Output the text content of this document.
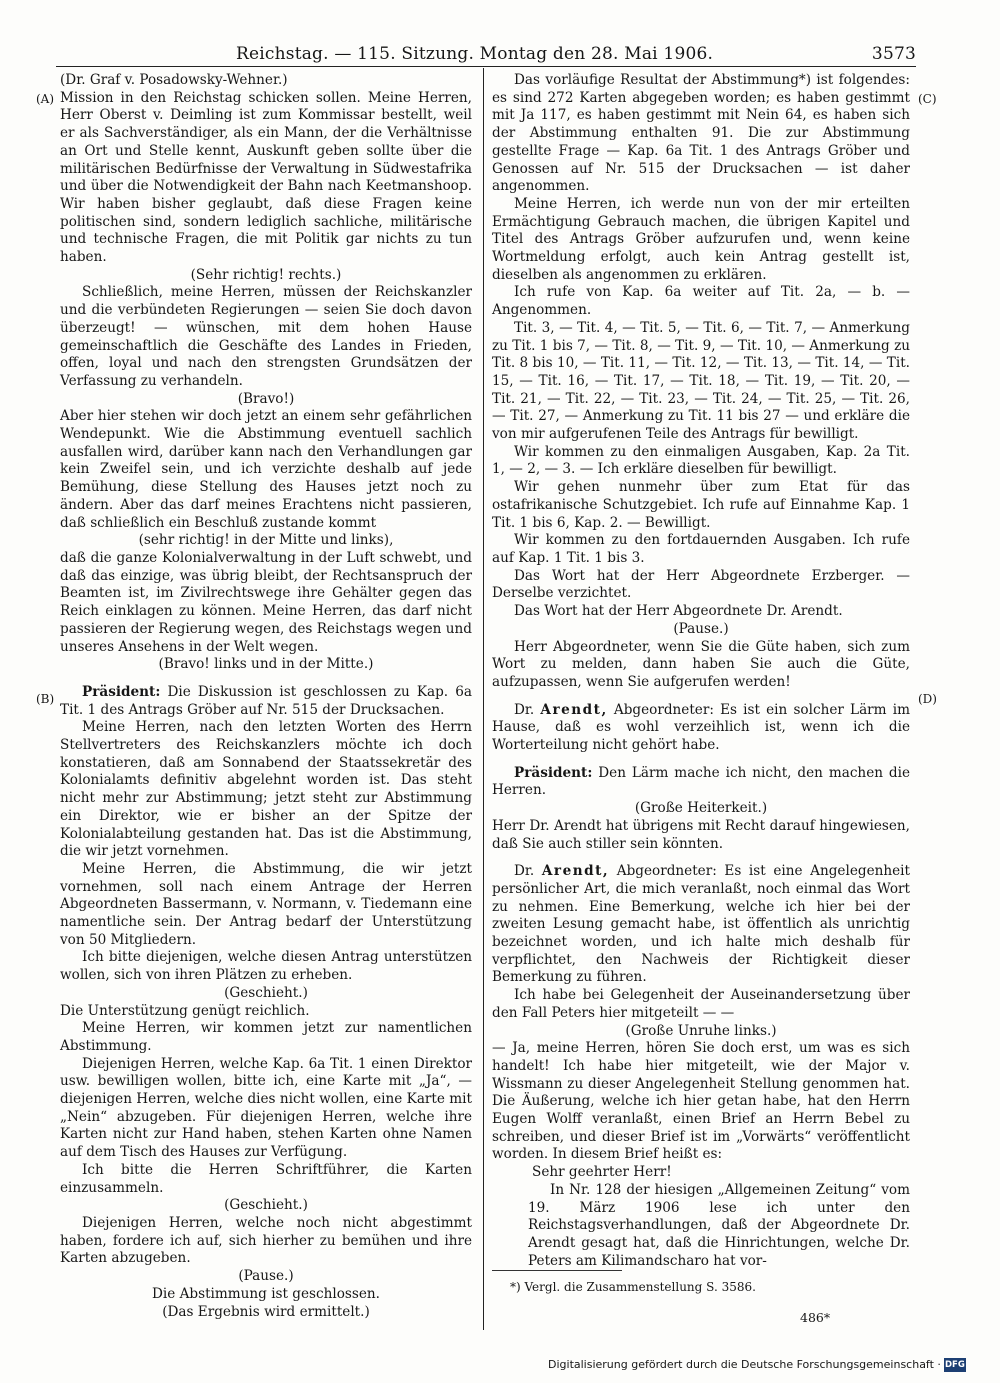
Reichstag. — 115. Sitzung. Montag den 28. Mai 1906.	3573
(A)
(B)
(C)
(D)

(Dr. Graf v. Posadowsky-Wehner.)

Mission in den Reichstag schicken sollen. Meine Herren, Herr Oberst v. Deimling ist zum Kommissar bestellt, weil er als Sachverständiger, als ein Mann, der die Verhältnisse an Ort und Stelle kennt, Auskunft geben sollte über die militärischen Bedürfnisse der Verwaltung in Südwestafrika und über die Notwendigkeit der Bahn nach Keetmanshoop. Wir haben bisher geglaubt, daß diese Fragen keine politischen sind, sondern lediglich sachliche, militärische und technische Fragen, die mit Politik gar nichts zu tun haben.

(Sehr richtig! rechts.)

Schließlich, meine Herren, müssen der Reichskanzler und die verbündeten Regierungen — seien Sie doch davon überzeugt! — wünschen, mit dem hohen Hause gemeinschaftlich die Geschäfte des Landes in Frieden, offen, loyal und nach den strengsten Grundsätzen der Verfassung zu verhandeln.

(Bravo!)

Aber hier stehen wir doch jetzt an einem sehr gefährlichen Wendepunkt. Wie die Abstimmung eventuell sachlich ausfallen wird, darüber kann nach den Verhandlungen gar kein Zweifel sein, und ich verzichte deshalb auf jede Bemühung, diese Stellung des Hauses jetzt noch zu ändern. Aber das darf meines Erachtens nicht passieren, daß schließlich ein Beschluß zustande kommt

(sehr richtig! in der Mitte und links),

daß die ganze Kolonialverwaltung in der Luft schwebt, und daß das einzige, was übrig bleibt, der Rechtsanspruch der Beamten ist, im Zivilrechtswege ihre Gehälter gegen das Reich einklagen zu können. Meine Herren, das darf nicht passieren der Regierung wegen, des Reichstags wegen und unseres Ansehens in der Welt wegen.

(Bravo! links und in der Mitte.)

Präsident: Die Diskussion ist geschlossen zu Kap. 6a Tit. 1 des Antrags Gröber auf Nr. 515 der Drucksachen.

Meine Herren, nach den letzten Worten des Herrn Stellvertreters des Reichskanzlers möchte ich doch konstatieren, daß am Sonnabend der Staatssekretär des Kolonialamts definitiv abgelehnt worden ist. Das steht nicht mehr zur Abstimmung; jetzt steht zur Abstimmung ein Direktor, wie er bisher an der Spitze der Kolonialabteilung gestanden hat. Das ist die Abstimmung, die wir jetzt vornehmen.

Meine Herren, die Abstimmung, die wir jetzt vornehmen, soll nach einem Antrage der Herren Abgeordneten Bassermann, v. Normann, v. Tiedemann eine namentliche sein. Der Antrag bedarf der Unterstützung von 50 Mitgliedern.

Ich bitte diejenigen, welche diesen Antrag unterstützen wollen, sich von ihren Plätzen zu erheben.

(Geschieht.)

Die Unterstützung genügt reichlich.

Meine Herren, wir kommen jetzt zur namentlichen Abstimmung.

Diejenigen Herren, welche Kap. 6a Tit. 1 einen Direktor usw. bewilligen wollen, bitte ich, eine Karte mit „Ja“, — diejenigen Herren, welche dies nicht wollen, eine Karte mit „Nein“ abzugeben. Für diejenigen Herren, welche ihre Karten nicht zur Hand haben, stehen Karten ohne Namen auf dem Tisch des Hauses zur Verfügung.

Ich bitte die Herren Schriftführer, die Karten einzusammeln.

(Geschieht.)

Diejenigen Herren, welche noch nicht abgestimmt haben, fordere ich auf, sich hierher zu bemühen und ihre Karten abzugeben.

(Pause.)

Die Abstimmung ist geschlossen.

(Das Ergebnis wird ermittelt.)

Das vorläufige Resultat der Abstimmung*) ist folgendes: es sind 272 Karten abgegeben worden; es haben gestimmt mit Ja 117, es haben gestimmt mit Nein 64, es haben sich der Abstimmung enthalten 91. Die zur Abstimmung gestellte Frage — Kap. 6a Tit. 1 des Antrags Gröber und Genossen auf Nr. 515 der Drucksachen — ist daher angenommen.

Meine Herren, ich werde nun von der mir erteilten Ermächtigung Gebrauch machen, die übrigen Kapitel und Titel des Antrags Gröber aufzurufen und, wenn keine Wortmeldung erfolgt, auch kein Antrag gestellt ist, dieselben als angenommen zu erklären.

Ich rufe von Kap. 6a weiter auf Tit. 2a, — b. — Angenommen.

Tit. 3, — Tit. 4, — Tit. 5, — Tit. 6, — Tit. 7, — Anmerkung zu Tit. 1 bis 7, — Tit. 8, — Tit. 9, — Tit. 10, — Anmerkung zu Tit. 8 bis 10, — Tit. 11, — Tit. 12, — Tit. 13, — Tit. 14, — Tit. 15, — Tit. 16, — Tit. 17, — Tit. 18, — Tit. 19, — Tit. 20, — Tit. 21, — Tit. 22, — Tit. 23, — Tit. 24, — Tit. 25, — Tit. 26, — Tit. 27, — Anmerkung zu Tit. 11 bis 27 — und erkläre die von mir aufgerufenen Teile des Antrags für bewilligt.

Wir kommen zu den einmaligen Ausgaben, Kap. 2a Tit. 1, — 2, — 3. — Ich erkläre dieselben für bewilligt.

Wir gehen nunmehr über zum Etat für das ostafrikanische Schutzgebiet. Ich rufe auf Einnahme Kap. 1 Tit. 1 bis 6, Kap. 2. — Bewilligt.

Wir kommen zu den fortdauernden Ausgaben. Ich rufe auf Kap. 1 Tit. 1 bis 3.

Das Wort hat der Herr Abgeordnete Erzberger. — Derselbe verzichtet.

Das Wort hat der Herr Abgeordnete Dr. Arendt.

(Pause.)

Herr Abgeordneter, wenn Sie die Güte haben, sich zum Wort zu melden, dann haben Sie auch die Güte, aufzupassen, wenn Sie aufgerufen werden!

Dr. Arendt, Abgeordneter: Es ist ein solcher Lärm im Hause, daß es wohl verzeihlich ist, wenn ich die Worterteilung nicht gehört habe.

Präsident: Den Lärm mache ich nicht, den machen die Herren.

(Große Heiterkeit.)

Herr Dr. Arendt hat übrigens mit Recht darauf hingewiesen, daß Sie auch stiller sein könnten.

Dr. Arendt, Abgeordneter: Es ist eine Angelegenheit persönlicher Art, die mich veranlaßt, noch einmal das Wort zu nehmen. Eine Bemerkung, welche ich hier bei der zweiten Lesung gemacht habe, ist öffentlich als unrichtig bezeichnet worden, und ich halte mich deshalb für verpflichtet, den Nachweis der Richtigkeit dieser Bemerkung zu führen.

Ich habe bei Gelegenheit der Auseinandersetzung über den Fall Peters hier mitgeteilt — —

(Große Unruhe links.)

— Ja, meine Herren, hören Sie doch erst, um was es sich handelt! Ich habe hier mitgeteilt, wie der Major v. Wissmann zu dieser Angelegenheit Stellung genommen hat. Die Äußerung, welche ich hier getan habe, hat den Herrn Eugen Wolff veranlaßt, einen Brief an Herrn Bebel zu schreiben, und dieser Brief ist im „Vorwärts“ veröffentlicht worden. In diesem Brief heißt es:

Sehr geehrter Herr!

In Nr. 128 der hiesigen „Allgemeinen Zeitung“ vom 19. März 1906 lese ich unter den Reichstagsverhandlungen, daß der Abgeordnete Dr. Arendt gesagt hat, daß die Hinrichtungen, welche Dr. Peters am Kilimandscharo hat vor-

*) Vergl. die Zusammenstellung S. 3586.
486*
Digitalisierung gefördert durch die Deutsche Forschungsgemeinschaft · DFG
